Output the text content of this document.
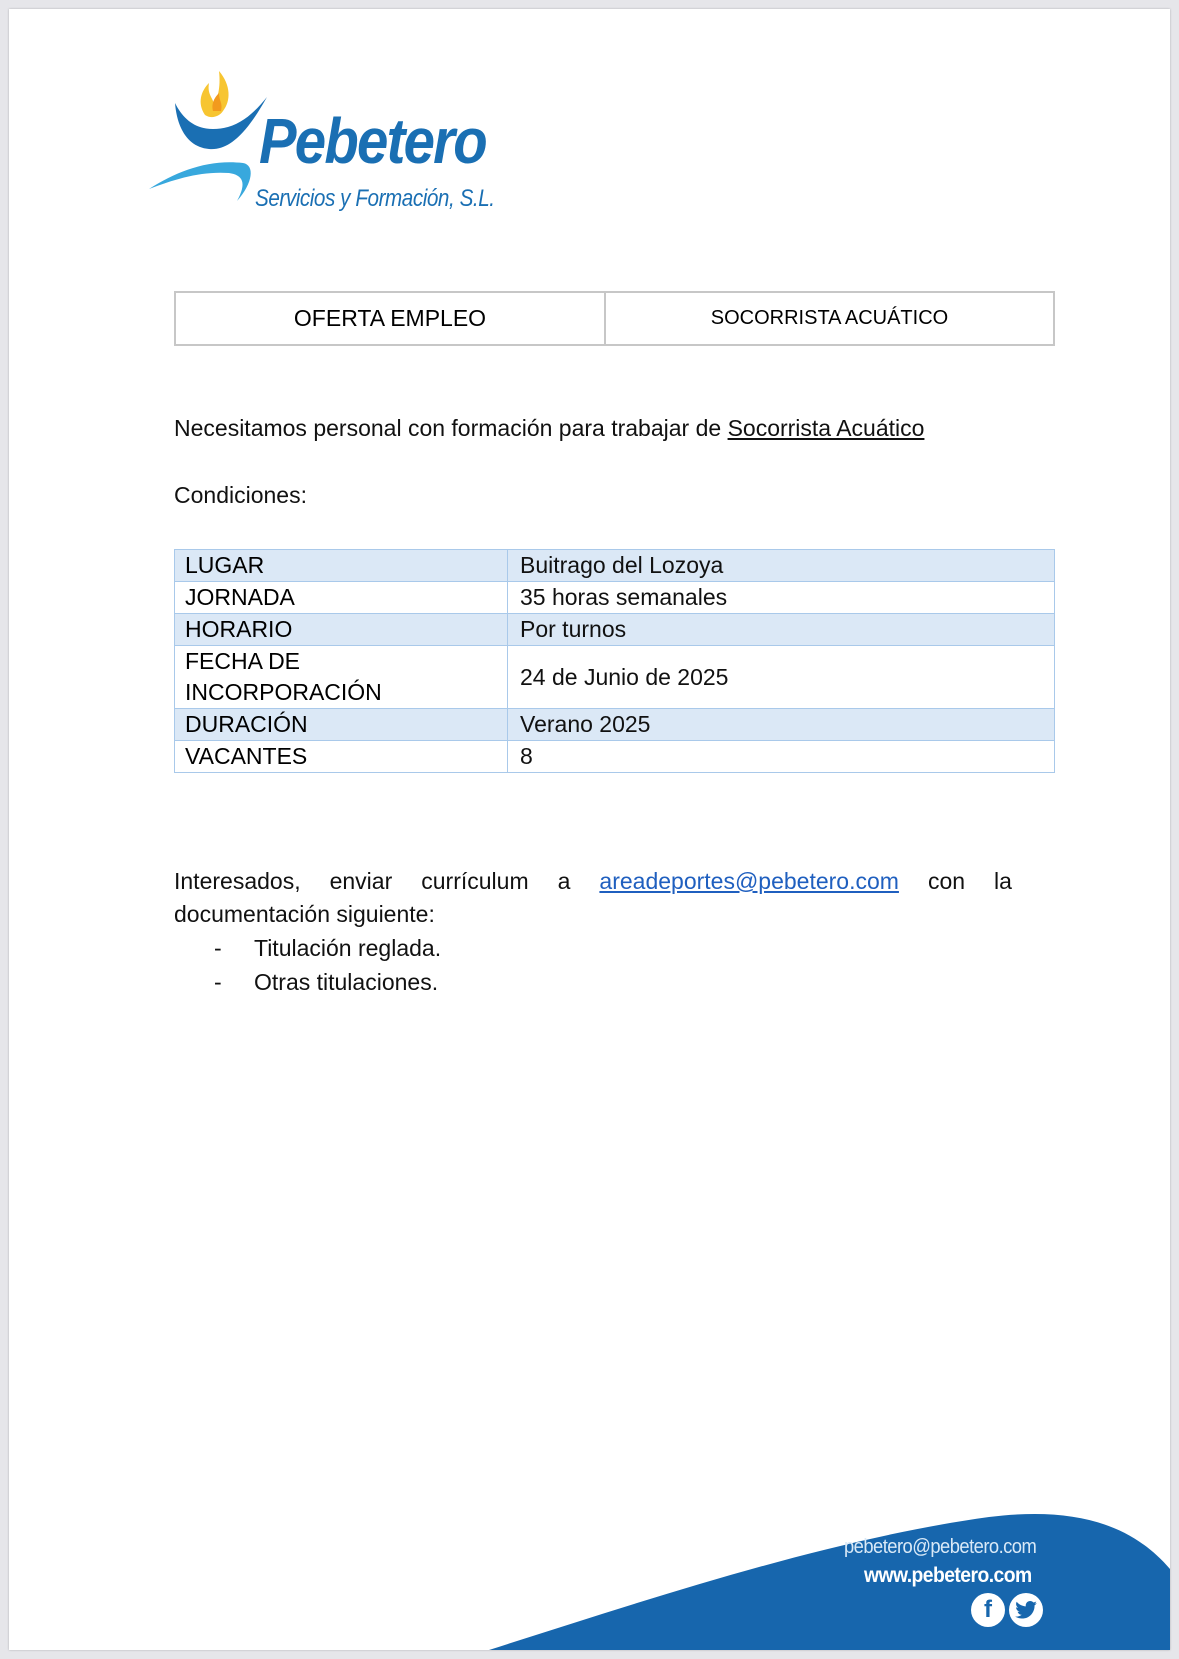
Pebetero
Servicios y Formación, S.L.
OFERTA EMPLEO	SOCORRISTA ACUÁTICO
Necesitamos personal con formación para trabajar de Socorrista Acuático
Condiciones:
LUGAR	Buitrago del Lozoya
JORNADA	35 horas semanales
HORARIO	Por turnos
FECHA DE INCORPORACIÓN	24 de Junio de 2025
DURACIÓN	Verano 2025
VACANTES	8
Interesados, enviar currículum a areadeportes@pebetero.com con la
documentación siguiente:
-	Titulación reglada.
-	Otras titulaciones.
pebetero@pebetero.com
www.pebetero.com
f
